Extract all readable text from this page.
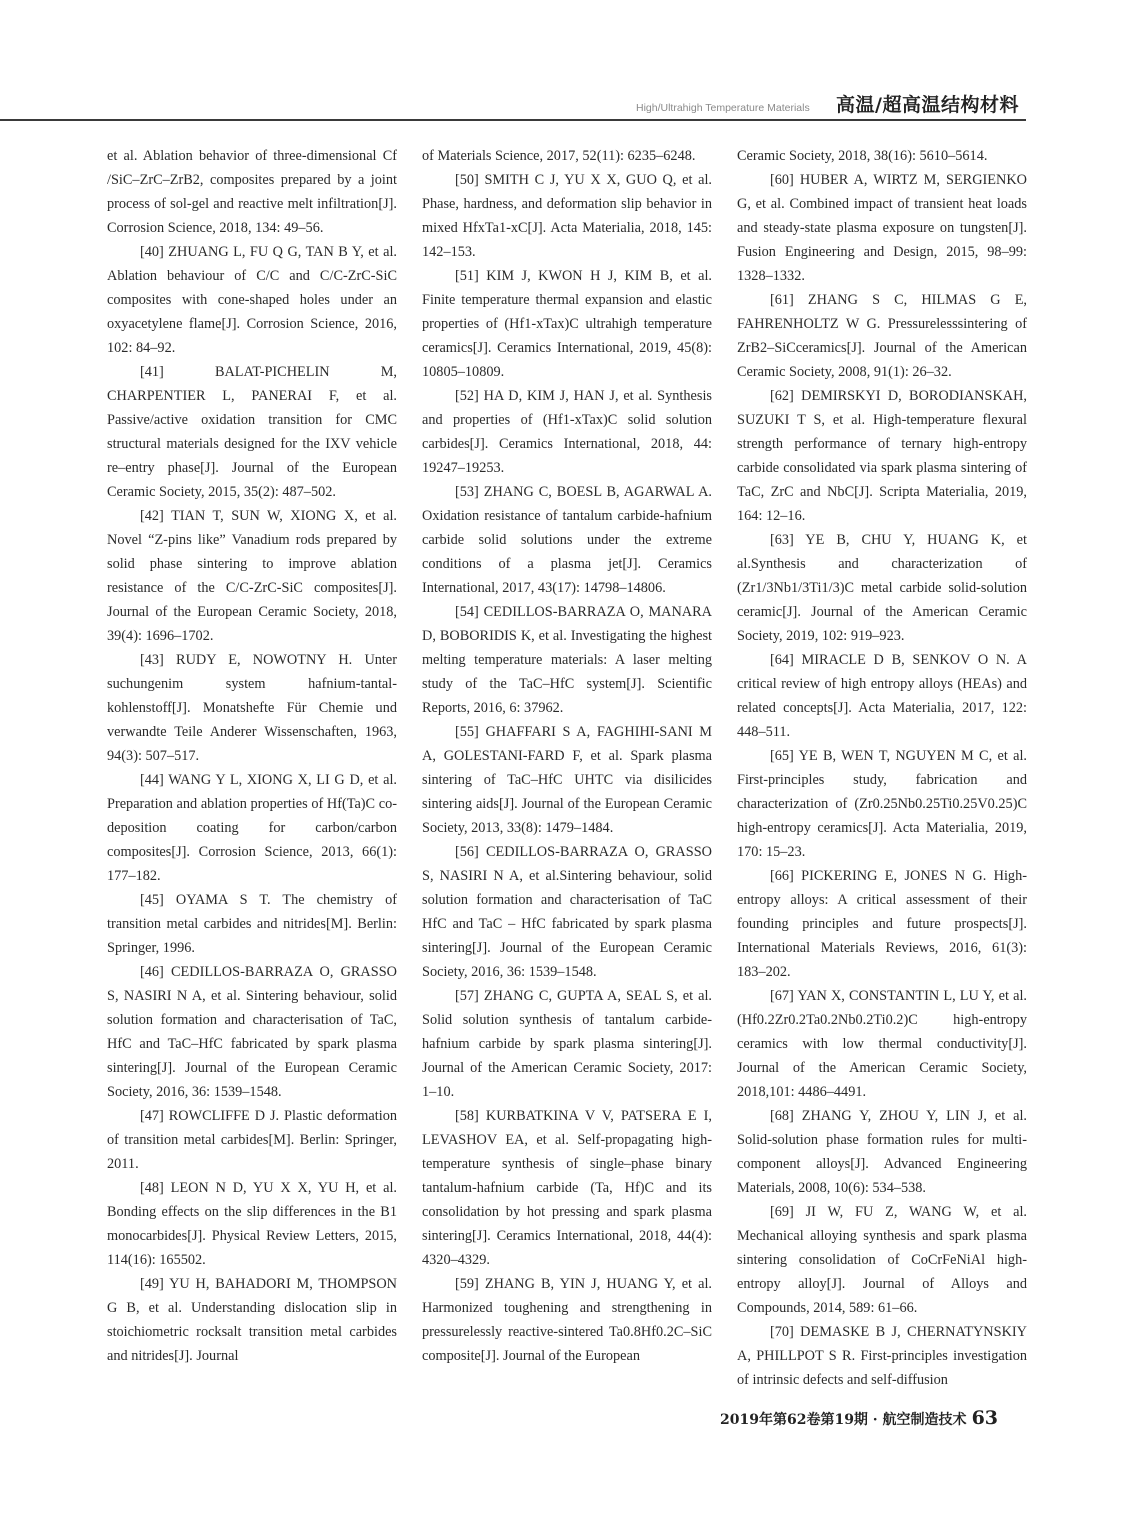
High/Ultrahigh Temperature Materials 高温/超高温结构材料

et al. Ablation behavior of three-dimensional Cf /SiC–ZrC–ZrB2, composites prepared by a joint process of sol-gel and reactive melt infiltration[J]. Corrosion Science, 2018, 134: 49–56.

[40] ZHUANG L, FU Q G, TAN B Y, et al. Ablation behaviour of C/C and C/C-ZrC-SiC composites with cone-shaped holes under an oxyacetylene flame[J]. Corrosion Science, 2016, 102: 84–92.

[41] BALAT-PICHELIN M, CHARPENTIER L, PANERAI F, et al. Passive/active oxidation transition for CMC structural materials designed for the IXV vehicle re–entry phase[J]. Journal of the European Ceramic Society, 2015, 35(2): 487–502.

[42] TIAN T, SUN W, XIONG X, et al. Novel “Z-pins like” Vanadium rods prepared by solid phase sintering to improve ablation resistance of the C/C-ZrC-SiC composites[J]. Journal of the European Ceramic Society, 2018, 39(4): 1696–1702.

[43] RUDY E, NOWOTNY H. Unter suchungenim system hafnium-tantal-kohlenstoff[J]. Monatshefte Für Chemie und verwandte Teile Anderer Wissenschaften, 1963, 94(3): 507–517.

[44] WANG Y L, XIONG X, LI G D, et al. Preparation and ablation properties of Hf(Ta)C co-deposition coating for carbon/carbon composites[J]. Corrosion Science, 2013, 66(1): 177–182.

[45] OYAMA S T. The chemistry of transition metal carbides and nitrides[M]. Berlin: Springer, 1996.

[46] CEDILLOS-BARRAZA O, GRASSO S, NASIRI N A, et al. Sintering behaviour, solid solution formation and characterisation of TaC, HfC and TaC–HfC fabricated by spark plasma sintering[J]. Journal of the European Ceramic Society, 2016, 36: 1539–1548.

[47] ROWCLIFFE D J. Plastic deformation of transition metal carbides[M]. Berlin: Springer, 2011.

[48] LEON N D, YU X X, YU H, et al. Bonding effects on the slip differences in the B1 monocarbides[J]. Physical Review Letters, 2015, 114(16): 165502.

[49] YU H, BAHADORI M, THOMPSON G B, et al. Understanding dislocation slip in stoichiometric rocksalt transition metal carbides and nitrides[J]. Journal

of Materials Science, 2017, 52(11): 6235–6248.

[50] SMITH C J, YU X X, GUO Q, et al. Phase, hardness, and deformation slip behavior in mixed HfxTa1-xC[J]. Acta Materialia, 2018, 145: 142–153.

[51] KIM J, KWON H J, KIM B, et al. Finite temperature thermal expansion and elastic properties of (Hf1-xTax)C ultrahigh temperature ceramics[J]. Ceramics International, 2019, 45(8): 10805–10809.

[52] HA D, KIM J, HAN J, et al. Synthesis and properties of (Hf1-xTax)C solid solution carbides[J]. Ceramics International, 2018, 44: 19247–19253.

[53] ZHANG C, BOESL B, AGARWAL A. Oxidation resistance of tantalum carbide-hafnium carbide solid solutions under the extreme conditions of a plasma jet[J]. Ceramics International, 2017, 43(17): 14798–14806.

[54] CEDILLOS-BARRAZA O, MANARA D, BOBORIDIS K, et al. Investigating the highest melting temperature materials: A laser melting study of the TaC–HfC system[J]. Scientific Reports, 2016, 6: 37962.

[55] GHAFFARI S A, FAGHIHI-SANI M A, GOLESTANI-FARD F, et al. Spark plasma sintering of TaC–HfC UHTC via disilicides sintering aids[J]. Journal of the European Ceramic Society, 2013, 33(8): 1479–1484.

[56] CEDILLOS-BARRAZA O, GRASSO S, NASIRI N A, et al.Sintering behaviour, solid solution formation and characterisation of TaC HfC and TaC – HfC fabricated by spark plasma sintering[J]. Journal of the European Ceramic Society, 2016, 36: 1539–1548.

[57] ZHANG C, GUPTA A, SEAL S, et al. Solid solution synthesis of tantalum carbide-hafnium carbide by spark plasma sintering[J]. Journal of the American Ceramic Society, 2017: 1–10.

[58] KURBATKINA V V, PATSERA E I, LEVASHOV EA, et al. Self-propagating high-temperature synthesis of single–phase binary tantalum-hafnium carbide (Ta, Hf)C and its consolidation by hot pressing and spark plasma sintering[J]. Ceramics International, 2018, 44(4): 4320–4329.

[59] ZHANG B, YIN J, HUANG Y, et al. Harmonized toughening and strengthening in pressurelessly reactive-sintered Ta0.8Hf0.2C–SiC composite[J]. Journal of the European

Ceramic Society, 2018, 38(16): 5610–5614.

[60] HUBER A, WIRTZ M, SERGIENKO G, et al. Combined impact of transient heat loads and steady-state plasma exposure on tungsten[J]. Fusion Engineering and Design, 2015, 98–99: 1328–1332.

[61] ZHANG S C, HILMAS G E, FAHRENHOLTZ W G. Pressurelesssintering of ZrB2–SiCceramics[J]. Journal of the American Ceramic Society, 2008, 91(1): 26–32.

[62] DEMIRSKYI D, BORODIANSKAH, SUZUKI T S, et al. High-temperature flexural strength performance of ternary high-entropy carbide consolidated via spark plasma sintering of TaC, ZrC and NbC[J]. Scripta Materialia, 2019, 164: 12–16.

[63] YE B, CHU Y, HUANG K, et al.Synthesis and characterization of (Zr1/3Nb1/3Ti1/3)C metal carbide solid-solution ceramic[J]. Journal of the American Ceramic Society, 2019, 102: 919–923.

[64] MIRACLE D B, SENKOV O N. A critical review of high entropy alloys (HEAs) and related concepts[J]. Acta Materialia, 2017, 122: 448–511.

[65] YE B, WEN T, NGUYEN M C, et al. First-principles study, fabrication and characterization of (Zr0.25Nb0.25Ti0.25V0.25)C high-entropy ceramics[J]. Acta Materialia, 2019, 170: 15–23.

[66] PICKERING E, JONES N G. High-entropy alloys: A critical assessment of their founding principles and future prospects[J]. International Materials Reviews, 2016, 61(3): 183–202.

[67] YAN X, CONSTANTIN L, LU Y, et al. (Hf0.2Zr0.2Ta0.2Nb0.2Ti0.2)C high-entropy ceramics with low thermal conductivity[J]. Journal of the American Ceramic Society, 2018,101: 4486–4491.

[68] ZHANG Y, ZHOU Y, LIN J, et al. Solid-solution phase formation rules for multi-component alloys[J]. Advanced Engineering Materials, 2008, 10(6): 534–538.

[69] JI W, FU Z, WANG W, et al. Mechanical alloying synthesis and spark plasma sintering consolidation of CoCrFeNiAl high-entropy alloy[J]. Journal of Alloys and Compounds, 2014, 589: 61–66.

[70] DEMASKE B J, CHERNATYNSKIY A, PHILLPOT S R. First-principles investigation of intrinsic defects and self-diffusion

2019年第62卷第19期 · 航空制造技术 63
